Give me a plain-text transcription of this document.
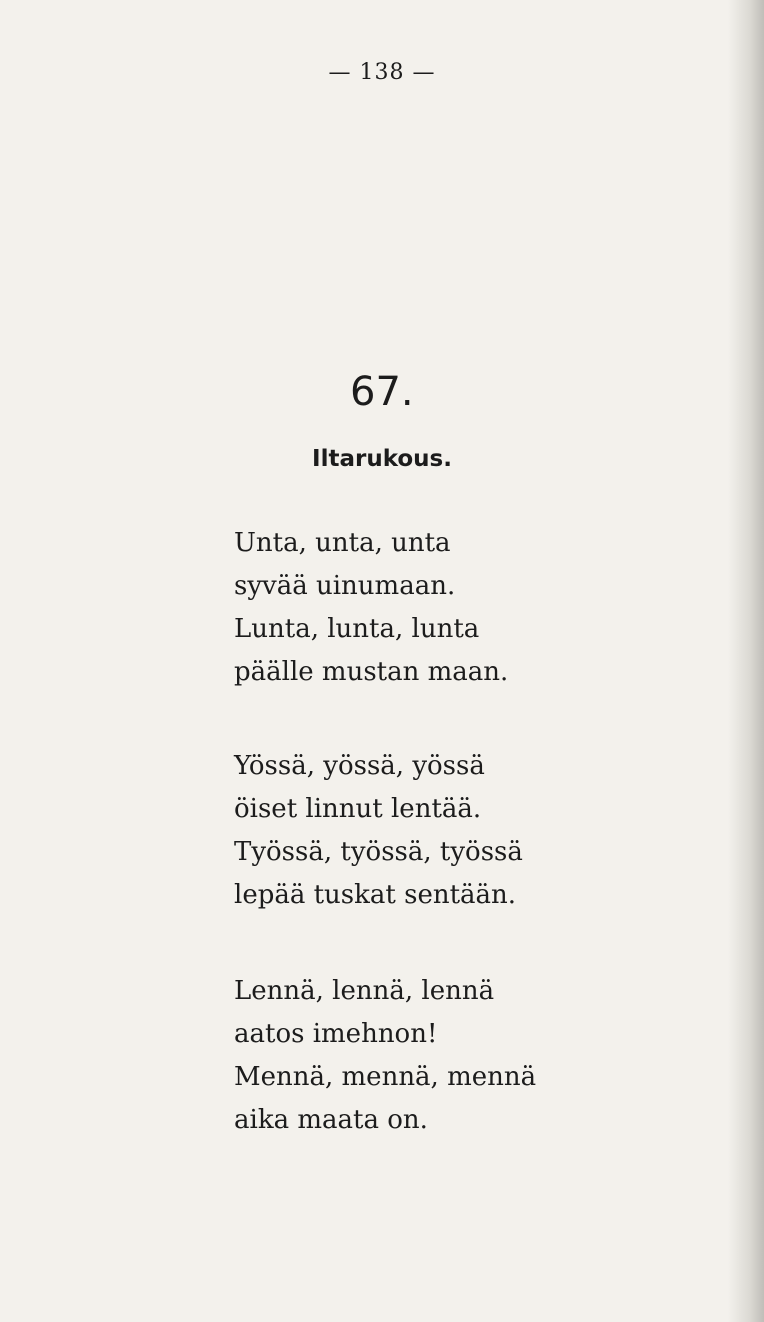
— 138 —
67.
Iltarukous.
Unta, unta, unta
syvää uinumaan.
Lunta, lunta, lunta
päälle mustan maan.
Yössä, yössä, yössä
öiset linnut lentää.
Työssä, työssä, työssä
lepää tuskat sentään.
Lennä, lennä, lennä
aatos imehnon!
Mennä, mennä, mennä
aika maata on.
